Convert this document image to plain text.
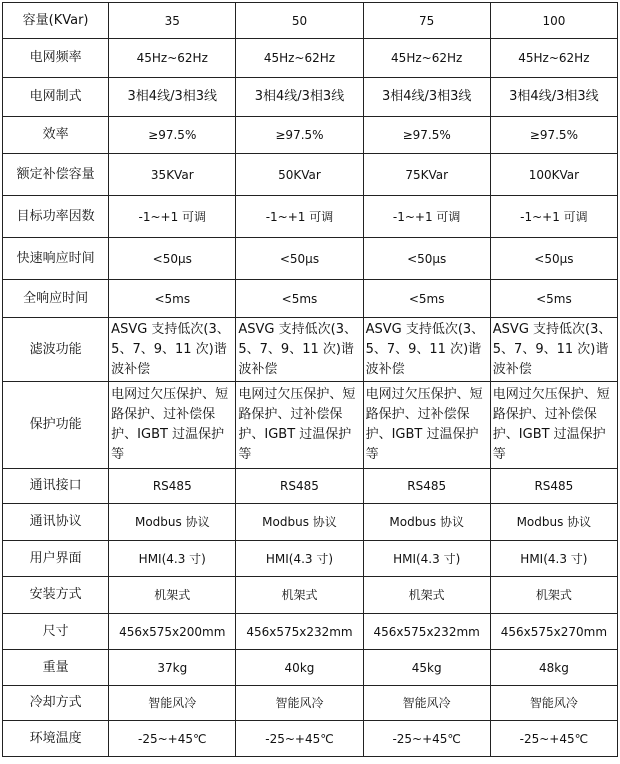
容量(KVar)	35	50	75	100
电网频率	45Hz~62Hz	45Hz~62Hz	45Hz~62Hz	45Hz~62Hz
电网制式	3相4线/3相3线	3相4线/3相3线	3相4线/3相3线	3相4线/3相3线
效率	≥97.5%	≥97.5%	≥97.5%	≥97.5%
额定补偿容量	35KVar	50KVar	75KVar	100KVar
目标功率因数	-1~+1 可调	-1~+1 可调	-1~+1 可调	-1~+1 可调
快速响应时间	<50μs	<50μs	<50μs	<50μs
全响应时间	<5ms	<5ms	<5ms	<5ms
滤波功能	ASVG 支持低次(3、5、7、9、11 次)谐波补偿	ASVG 支持低次(3、5、7、9、11 次)谐波补偿	ASVG 支持低次(3、5、7、9、11 次)谐波补偿	ASVG 支持低次(3、5、7、9、11 次)谐波补偿
保护功能	电网过欠压保护、短路保护、过补偿保护、IGBT 过温保护等	电网过欠压保护、短路保护、过补偿保护、IGBT 过温保护等	电网过欠压保护、短路保护、过补偿保护、IGBT 过温保护等	电网过欠压保护、短路保护、过补偿保护、IGBT 过温保护等
通讯接口	RS485	RS485	RS485	RS485
通讯协议	Modbus 协议	Modbus 协议	Modbus 协议	Modbus 协议
用户界面	HMI(4.3 寸)	HMI(4.3 寸)	HMI(4.3 寸)	HMI(4.3 寸)
安装方式	机架式	机架式	机架式	机架式
尺寸	456x575x200mm	456x575x232mm	456x575x232mm	456x575x270mm
重量	37kg	40kg	45kg	48kg
冷却方式	智能风冷	智能风冷	智能风冷	智能风冷
环境温度	-25~+45℃	-25~+45℃	-25~+45℃	-25~+45℃
